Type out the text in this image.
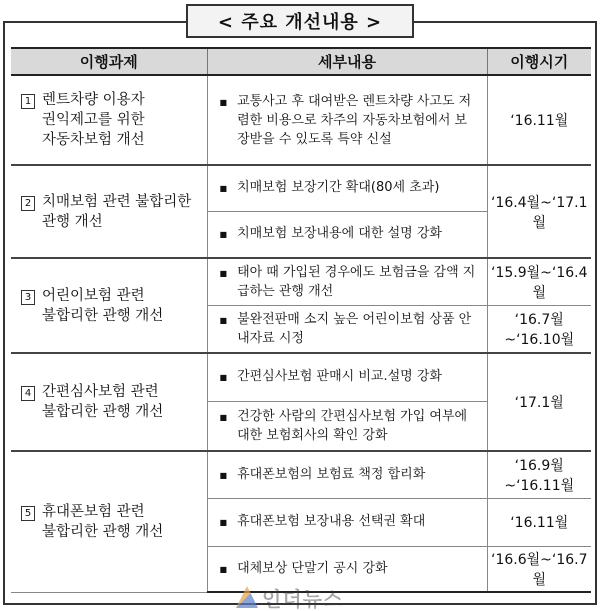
< 주요 개선내용 >
이행과제	세부내용	이행시기

1 렌트차량 이용자
권익제고를 위한
자동차보험 개선	■ 교통사고 후 대여받은 렌트차량 사고도 저렴한 비용으로 차주의 자동차보험에서 보장받을 수 있도록 특약 신설	‘16.11월

2 치매보험 관련 불합리한
관행 개선	■ 치매보험 보장기간 확대(80세 초과)	‘16.4월~‘17.1월

	■ 치매보험 보장내용에 대한 설명 강화	

3 어린이보험 관련
불합리한 관행 개선	■ 태아 때 가입된 경우에도 보험금을 감액 지급하는 관행 개선	‘15.9월~‘16.4월

	■ 불완전판매 소지 높은 어린이보험 상품 안내자료 시정	‘16.7월~‘16.10월

4 간편심사보험 관련
불합리한 관행 개선	■ 간편심사보험 판매시 비교.설명 강화	‘17.1월

	■ 건강한 사람의 간편심사보험 가입 여부에 대한 보험회사의 확인 강화	

5 휴대폰보험 관련
불합리한 관행 개선	■ 휴대폰보험의 보험료 책정 합리화	‘16.9월~‘16.11월

	■ 휴대폰보험 보장내용 선택권 확대	‘16.11월

	■ 대체보상 단말기 공시 강화	‘16.6월~‘16.7월
인더뉴스
